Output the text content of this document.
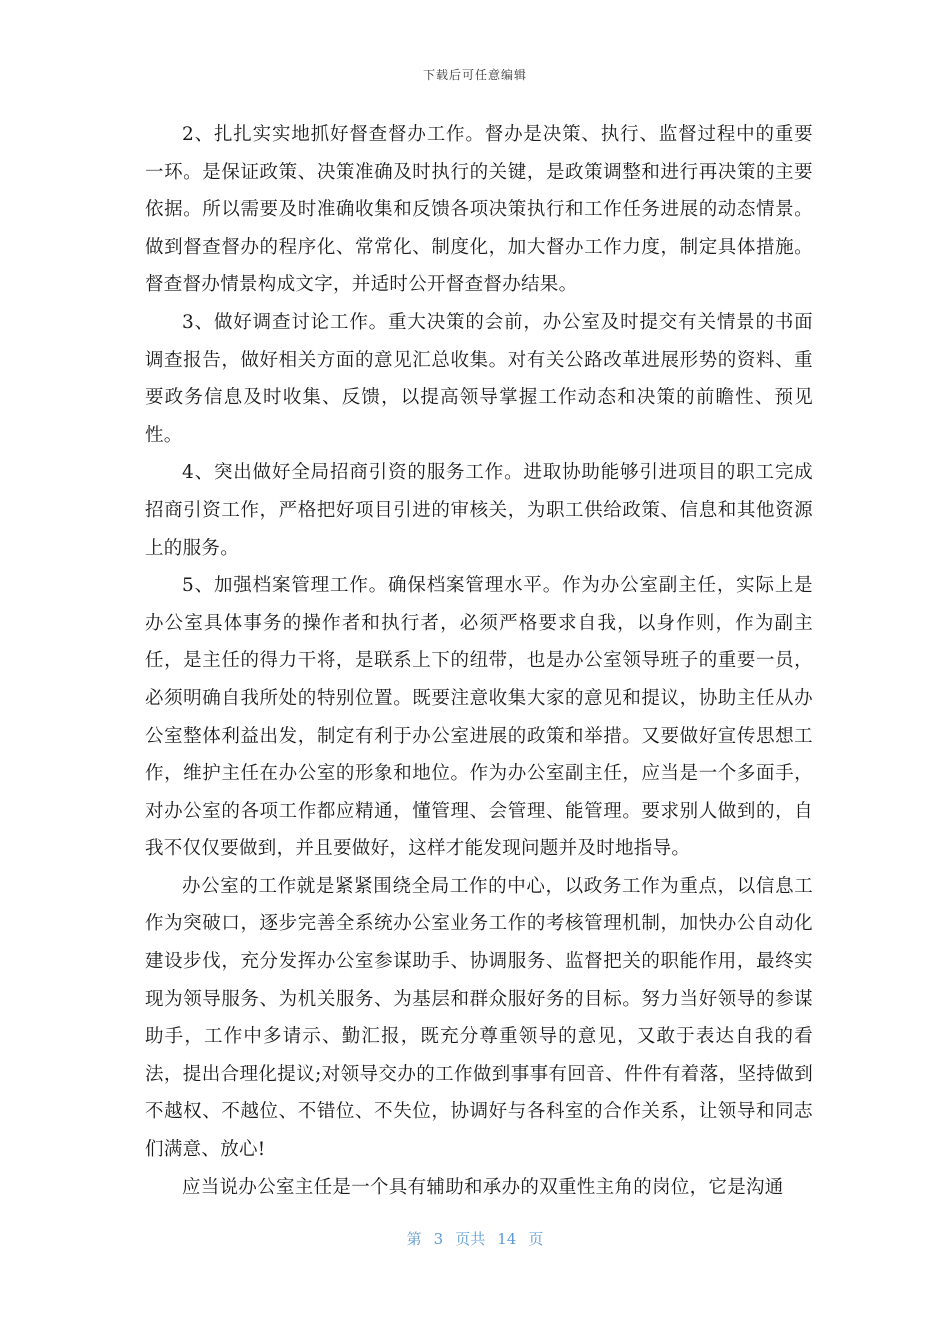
下载后可任意编辑

2、扎扎实实地抓好督查督办工作。督办是决策、执行、监督过程中的重要一环。是保证政策、决策准确及时执行的关键，是政策调整和进行再决策的主要依据。所以需要及时准确收集和反馈各项决策执行和工作任务进展的动态情景。做到督查督办的程序化、常常化、制度化，加大督办工作力度，制定具体措施。督查督办情景构成文字，并适时公开督查督办结果。

3、做好调查讨论工作。重大决策的会前，办公室及时提交有关情景的书面调查报告，做好相关方面的意见汇总收集。对有关公路改革进展形势的资料、重要政务信息及时收集、反馈，以提高领导掌握工作动态和决策的前瞻性、预见性。

4、突出做好全局招商引资的服务工作。进取协助能够引进项目的职工完成招商引资工作，严格把好项目引进的审核关，为职工供给政策、信息和其他资源上的服务。

5、加强档案管理工作。确保档案管理水平。作为办公室副主任，实际上是办公室具体事务的操作者和执行者，必须严格要求自我，以身作则，作为副主任，是主任的得力干将，是联系上下的纽带，也是办公室领导班子的重要一员，必须明确自我所处的特别位置。既要注意收集大家的意见和提议，协助主任从办公室整体利益出发，制定有利于办公室进展的政策和举措。又要做好宣传思想工作，维护主任在办公室的形象和地位。作为办公室副主任，应当是一个多面手，对办公室的各项工作都应精通，懂管理、会管理、能管理。要求别人做到的，自我不仅仅要做到，并且要做好，这样才能发现问题并及时地指导。

办公室的工作就是紧紧围绕全局工作的中心，以政务工作为重点，以信息工作为突破口，逐步完善全系统办公室业务工作的考核管理机制，加快办公自动化建设步伐，充分发挥办公室参谋助手、协调服务、监督把关的职能作用，最终实现为领导服务、为机关服务、为基层和群众服好务的目标。努力当好领导的参谋助手，工作中多请示、勤汇报，既充分尊重领导的意见，又敢于表达自我的看法，提出合理化提议;对领导交办的工作做到事事有回音、件件有着落，坚持做到不越权、不越位、不错位、不失位，协调好与各科室的合作关系，让领导和同志们满意、放心!

应当说办公室主任是一个具有辅助和承办的双重性主角的岗位，它是沟通

第 3 页共 14 页
